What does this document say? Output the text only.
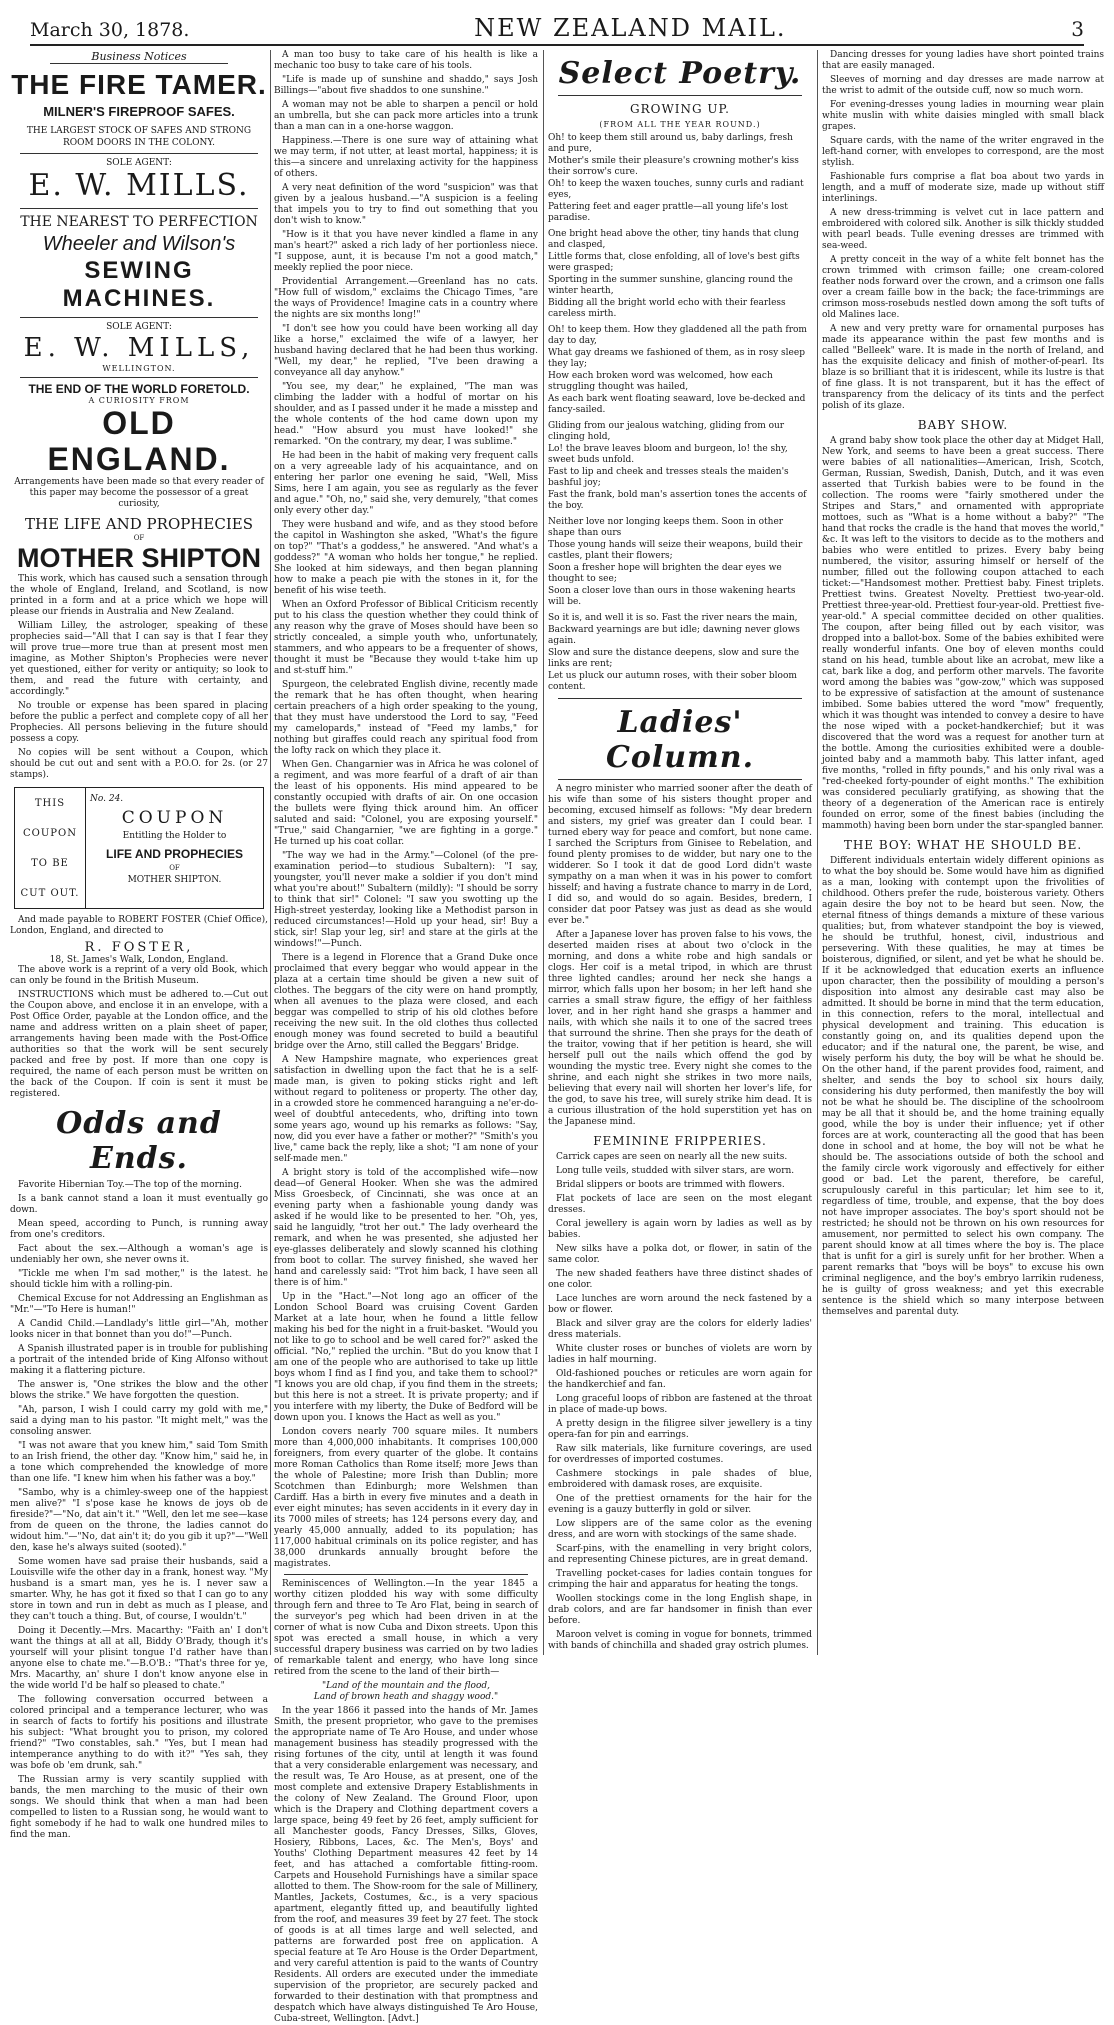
March 30, 1878.	NEW ZEALAND MAIL.	3

Business Notices

THE FIRE TAMER.

MILNER'S FIREPROOF SAFES.

THE LARGEST STOCK OF SAFES AND STRONG ROOM DOORS IN THE COLONY.

SOLE AGENT:

E. W. MILLS.

THE NEAREST TO PERFECTION

Wheeler and Wilson's

SEWING MACHINES.

SOLE AGENT:

E. W. MILLS,

WELLINGTON.

THE END OF THE WORLD FORETOLD.

A CURIOSITY FROM

OLD ENGLAND.

Arrangements have been made so that every reader of this paper may become the possessor of a great curiosity,

THE LIFE AND PROPHECIES

OF

MOTHER SHIPTON

This work, which has caused such a sensation through the whole of England, Ireland, and Scotland, is now printed in a form and at a price which we hope will please our friends in Australia and New Zealand.

William Lilley, the astrologer, speaking of these prophecies said—"All that I can say is that I fear they will prove true—more true than at present most men imagine, as Mother Shipton's Prophecies were never yet questioned, either for verity or antiquity; so look to them, and read the future with certainty, and accordingly."

No trouble or expense has been spared in placing before the public a perfect and complete copy of all her Prophecies. All persons believing in the future should possess a copy.

No copies will be sent without a Coupon, which should be cut out and sent with a P.O.O. for 2s. (or 27 stamps).

THIS
COUPON
TO BE
CUT OUT.
No. 24.
COUPON
Entitling the Holder to
LIFE AND PROPHECIES
OF
MOTHER SHIPTON.

And made payable to ROBERT FOSTER (Chief Office), London, England, and directed to

R. FOSTER,

18, St. James's Walk, London, England.

The above work is a reprint of a very old Book, which can only be found in the British Museum.

INSTRUCTIONS which must be adhered to.—Cut out the Coupon above, and enclose it in an envelope, with a Post Office Order, payable at the London office, and the name and address written on a plain sheet of paper, arrangements having been made with the Post-Office authorities so that the work will be sent securely packed and free by post. If more than one copy is required, the name of each person must be written on the back of the Coupon. If coin is sent it must be registered.

Odds and Ends.

Favorite Hibernian Toy.—The top of the morning.

Is a bank cannot stand a loan it must eventually go down.

Mean speed, according to Punch, is running away from one's creditors.

Fact about the sex.—Although a woman's age is undeniably her own, she never owns it.

"Tickle me when I'm sad mother," is the latest. he should tickle him with a rolling-pin.

Chemical Excuse for not Addressing an Englishman as "Mr."—"To Here is human!"

A Candid Child.—Landlady's little girl—"Ah, mother looks nicer in that bonnet than you do!"—Punch.

A Spanish illustrated paper is in trouble for publishing a portrait of the intended bride of King Alfonso without making it a flattering picture.

The answer is, "One strikes the blow and the other blows the strike." We have forgotten the question.

"Ah, parson, I wish I could carry my gold with me," said a dying man to his pastor. "It might melt," was the consoling answer.

"I was not aware that you knew him," said Tom Smith to an Irish friend, the other day. "Know him," said he, in a tone which comprehended the knowledge of more than one life. "I knew him when his father was a boy."

"Sambo, why is a chimley-sweep one of the happiest men alive?" "I s'pose kase he knows de joys ob de fireside?"—"No, dat ain't it." "Well, den let me see—kase from de queen on the throne, the ladies cannot do widout him."—"No, dat ain't it; do you gib it up?"—"Well den, kase he's always suited (sooted)."

Some women have sad praise their husbands, said a Louisville wife the other day in a frank, honest way. "My husband is a smart man, yes he is. I never saw a smarter. Why, he has got it fixed so that I can go to any store in town and run in debt as much as I please, and they can't touch a thing. But, of course, I wouldn't."

Doing it Decently.—Mrs. Macarthy: "Faith an' I don't want the things at all at all, Biddy O'Brady, though it's yourself will your plisint tongue I'd rather have than anyone else to chate me."—B.O'B.: "That's three for ye, Mrs. Macarthy, an' shure I don't know anyone else in the wide world I'd be half so pleased to chate."

The following conversation occurred between a colored principal and a temperance lecturer, who was in search of facts to fortify his positions and illustrate his subject: "What brought you to prison, my colored friend?" "Two constables, sah." "Yes, but I mean had intemperance anything to do with it?" "Yes sah, they was bofe ob 'em drunk, sah."

The Russian army is very scantily supplied with bands, the men marching to the music of their own songs. We should think that when a man had been compelled to listen to a Russian song, he would want to fight somebody if he had to walk one hundred miles to find the man.

A man too busy to take care of his health is like a mechanic too busy to take care of his tools.

"Life is made up of sunshine and shaddo," says Josh Billings—"about five shaddos to one sunshine."

A woman may not be able to sharpen a pencil or hold an umbrella, but she can pack more articles into a trunk than a man can in a one-horse waggon.

Happiness.—There is one sure way of attaining what we may term, if not utter, at least mortal, happiness; it is this—a sincere and unrelaxing activity for the happiness of others.

A very neat definition of the word "suspicion" was that given by a jealous husband.—"A suspicion is a feeling that impels you to try to find out something that you don't wish to know."

"How is it that you have never kindled a flame in any man's heart?" asked a rich lady of her portionless niece. "I suppose, aunt, it is because I'm not a good match," meekly replied the poor niece.

Providential Arrangement.—Greenland has no cats. "How full of wisdom," exclaims the Chicago Times, "are the ways of Providence! Imagine cats in a country where the nights are six months long!"

"I don't see how you could have been working all day like a horse," exclaimed the wife of a lawyer, her husband having declared that he had been thus working. "Well, my dear," he replied, "I've been drawing a conveyance all day anyhow."

"You see, my dear," he explained, "The man was climbing the ladder with a hodful of mortar on his shoulder, and as I passed under it he made a misstep and the whole contents of the hod came down upon my head." "How absurd you must have looked!" she remarked. "On the contrary, my dear, I was sublime."

He had been in the habit of making very frequent calls on a very agreeable lady of his acquaintance, and on entering her parlor one evening he said, "Well, Miss Sims, here I am again, you see as regularly as the fever and ague." "Oh, no," said she, very demurely, "that comes only every other day."

They were husband and wife, and as they stood before the capitol in Washington she asked, "What's the figure on top?" "That's a goddess," he answered. "And what's a goddess?" "A woman who holds her tongue," he replied. She looked at him sideways, and then began planning how to make a peach pie with the stones in it, for the benefit of his wise teeth.

When an Oxford Professor of Biblical Criticism recently put to his class the question whether they could think of any reason why the grave of Moses should have been so strictly concealed, a simple youth who, unfortunately, stammers, and who appears to be a frequenter of shows, thought it must be "Because they would t-take him up and st-stuff him."

Spurgeon, the celebrated English divine, recently made the remark that he has often thought, when hearing certain preachers of a high order speaking to the young, that they must have understood the Lord to say, "Feed my camelopards," instead of "Feed my lambs," for nothing but giraffes could reach any spiritual food from the lofty rack on which they place it.

When Gen. Changarnier was in Africa he was colonel of a regiment, and was more fearful of a draft of air than the least of his opponents. His mind appeared to be constantly occupied with drafts of air. On one occasion the bullets were flying thick around him. An officer saluted and said: "Colonel, you are exposing yourself." "True," said Changarnier, "we are fighting in a gorge." He turned up his coat collar.

"The way we had in the Army."—Colonel (of the pre-examination period—to studious Subaltern): "I say, youngster, you'll never make a soldier if you don't mind what you're about!" Subaltern (mildly): "I should be sorry to think that sir!" Colonel: "I saw you swotting up the High-street yesterday, looking like a Methodist parson in reduced circumstances!—Hold up your head, sir! Buy a stick, sir! Slap your leg, sir! and stare at the girls at the windows!"—Punch.

There is a legend in Florence that a Grand Duke once proclaimed that every beggar who would appear in the plaza at a certain time should be given a new suit of clothes. The beggars of the city were on hand promptly, when all avenues to the plaza were closed, and each beggar was compelled to strip of his old clothes before receiving the new suit. In the old clothes thus collected enough money was found secreted to build a beautiful bridge over the Arno, still called the Beggars' Bridge.

A New Hampshire magnate, who experiences great satisfaction in dwelling upon the fact that he is a self-made man, is given to poking sticks right and left without regard to politeness or property. The other day, in a crowded store he commenced haranguing a ne'er-do-weel of doubtful antecedents, who, drifting into town some years ago, wound up his remarks as follows: "Say, now, did you ever have a father or mother?" "Smith's you live," came back the reply, like a shot; "I am none of your self-made men."

A bright story is told of the accomplished wife—now dead—of General Hooker. When she was the admired Miss Groesbeck, of Cincinnati, she was once at an evening party when a fashionable young dandy was asked if he would like to be presented to her. "Oh, yes, said he languidly, "trot her out." The lady overheard the remark, and when he was presented, she adjusted her eye-glasses deliberately and slowly scanned his clothing from boot to collar. The survey finished, she waved her hand and carelessly said: "Trot him back, I have seen all there is of him."

Up in the "Hact."—Not long ago an officer of the London School Board was cruising Covent Garden Market at a late hour, when he found a little fellow making his bed for the night in a fruit-basket. "Would you not like to go to school and be well cared for?" asked the official. "No," replied the urchin. "But do you know that I am one of the people who are authorised to take up little boys whom I find as I find you, and take them to school?" "I knows you are old chap, if you find them in the streets; but this here is not a street. It is private property; and if you interfere with my liberty, the Duke of Bedford will be down upon you. I knows the Hact as well as you."

London covers nearly 700 square miles. It numbers more than 4,000,000 inhabitants. It comprises 100,000 foreigners, from every quarter of the globe. It contains more Roman Catholics than Rome itself; more Jews than the whole of Palestine; more Irish than Dublin; more Scotchmen than Edinburgh; more Welshmen than Cardiff. Has a birth in every five minutes and a death in ever eight minutes; has seven accidents in it every day in its 7000 miles of streets; has 124 persons every day, and yearly 45,000 annually, added to its population; has 117,000 habitual criminals on its police register, and has 38,000 drunkards annually brought before the magistrates.

Reminiscences of Wellington.—In the year 1845 a worthy citizen plodded his way with some difficulty through fern and three to Te Aro Flat, being in search of the surveyor's peg which had been driven in at the corner of what is now Cuba and Dixon streets. Upon this spot was erected a small house, in which a very successful drapery business was carried on by two ladies of remarkable talent and energy, who have long since retired from the scene to the land of their birth—

"Land of the mountain and the flood,

Land of brown heath and shaggy wood."

In the year 1866 it passed into the hands of Mr. James Smith, the present proprietor, who gave to the premises the appropriate name of Te Aro House, and under whose management business has steadily progressed with the rising fortunes of the city, until at length it was found that a very considerable enlargement was necessary, and the result was, Te Aro House, as at present, one of the most complete and extensive Drapery Establishments in the colony of New Zealand. The Ground Floor, upon which is the Drapery and Clothing department covers a large space, being 49 feet by 26 feet, amply sufficient for all Manchester goods, Fancy Dresses, Silks, Gloves, Hosiery, Ribbons, Laces, &c. The Men's, Boys' and Youths' Clothing Department measures 42 feet by 14 feet, and has attached a comfortable fitting-room. Carpets and Household Furnishings have a similar space allotted to them. The Show-room for the sale of Millinery, Mantles, Jackets, Costumes, &c., is a very spacious apartment, elegantly fitted up, and beautifully lighted from the roof, and measures 39 feet by 27 feet. The stock of goods is at all times large and well selected, and patterns are forwarded post free on application. A special feature at Te Aro House is the Order Department, and very careful attention is paid to the wants of Country Residents. All orders are executed under the immediate supervision of the proprietor, are securely packed and forwarded to their destination with that promptness and despatch which have always distinguished Te Aro House, Cuba-street, Wellington. [Advt.]

Select Poetry.

GROWING UP.

(FROM ALL THE YEAR ROUND.)

Oh! to keep them still around us, baby darlings, fresh and pure,

Mother's smile their pleasure's crowning mother's kiss their sorrow's cure.

Oh! to keep the waxen touches, sunny curls and radiant eyes,

Pattering feet and eager prattle—all young life's lost paradise.

One bright head above the other, tiny hands that clung and clasped,

Little forms that, close enfolding, all of love's best gifts were grasped;

Sporting in the summer sunshine, glancing round the winter hearth,

Bidding all the bright world echo with their fearless careless mirth.

Oh! to keep them. How they gladdened all the path from day to day,

What gay dreams we fashioned of them, as in rosy sleep they lay;

How each broken word was welcomed, how each struggling thought was hailed,

As each bark went floating seaward, love be-decked and fancy-sailed.

Gliding from our jealous watching, gliding from our clinging hold,

Lo! the brave leaves bloom and burgeon, lo! the shy, sweet buds unfold.

Fast to lip and cheek and tresses steals the maiden's bashful joy;

Fast the frank, bold man's assertion tones the accents of the boy.

Neither love nor longing keeps them. Soon in other shape than ours

Those young hands will seize their weapons, build their castles, plant their flowers;

Soon a fresher hope will brighten the dear eyes we thought to see;

Soon a closer love than ours in those wakening hearts will be.

So it is, and well it is so. Fast the river nears the main,

Backward yearnings are but idle; dawning never glows again.

Slow and sure the distance deepens, slow and sure the links are rent;

Let us pluck our autumn roses, with their sober bloom content.

Ladies' Column.

A negro minister who married sooner after the death of his wife than some of his sisters thought proper and becoming, excused himself as follows: "My dear bredern and sisters, my grief was greater dan I could bear. I turned ebery way for peace and comfort, but none came. I sarched the Scripturs from Ginisee to Rebelation, and found plenty promises to de widder, but nary one to the widderer. So I took it dat de good Lord didn't waste sympathy on a man when it was in his power to comfort hisself; and having a fustrate chance to marry in de Lord, I did so, and would do so again. Besides, bredern, I consider dat poor Patsey was just as dead as she would ever be."

After a Japanese lover has proven false to his vows, the deserted maiden rises at about two o'clock in the morning, and dons a white robe and high sandals or clogs. Her coif is a metal tripod, in which are thrust three lighted candles; around her neck she hangs a mirror, which falls upon her bosom; in her left hand she carries a small straw figure, the effigy of her faithless lover, and in her right hand she grasps a hammer and nails, with which she nails it to one of the sacred trees that surround the shrine. Then she prays for the death of the traitor, vowing that if her petition is heard, she will herself pull out the nails which offend the god by wounding the mystic tree. Every night she comes to the shrine, and each night she strikes in two more nails, believing that every nail will shorten her lover's life, for the god, to save his tree, will surely strike him dead. It is a curious illustration of the hold superstition yet has on the Japanese mind.

FEMININE FRIPPERIES.

Carrick capes are seen on nearly all the new suits.

Long tulle veils, studded with silver stars, are worn.

Bridal slippers or boots are trimmed with flowers.

Flat pockets of lace are seen on the most elegant dresses.

Coral jewellery is again worn by ladies as well as by babies.

New silks have a polka dot, or flower, in satin of the same color.

The new shaded feathers have three distinct shades of one color.

Lace lunches are worn around the neck fastened by a bow or flower.

Black and silver gray are the colors for elderly ladies' dress materials.

White cluster roses or bunches of violets are worn by ladies in half mourning.

Old-fashioned pouches or reticules are worn again for the handkerchief and fan.

Long graceful loops of ribbon are fastened at the throat in place of made-up bows.

A pretty design in the filigree silver jewellery is a tiny opera-fan for pin and earrings.

Raw silk materials, like furniture coverings, are used for overdresses of imported costumes.

Cashmere stockings in pale shades of blue, embroidered with damask roses, are exquisite.

One of the prettiest ornaments for the hair for the evening is a gauzy butterfly in gold or silver.

Low slippers are of the same color as the evening dress, and are worn with stockings of the same shade.

Scarf-pins, with the enamelling in very bright colors, and representing Chinese pictures, are in great demand.

Travelling pocket-cases for ladies contain tongues for crimping the hair and apparatus for heating the tongs.

Woollen stockings come in the long English shape, in drab colors, and are far handsomer in finish than ever before.

Maroon velvet is coming in vogue for bonnets, trimmed with bands of chinchilla and shaded gray ostrich plumes.

Dancing dresses for young ladies have short pointed trains that are easily managed.

Sleeves of morning and day dresses are made narrow at the wrist to admit of the outside cuff, now so much worn.

For evening-dresses young ladies in mourning wear plain white muslin with white daisies mingled with small black grapes.

Square cards, with the name of the writer engraved in the left-hand corner, with envelopes to correspond, are the most stylish.

Fashionable furs comprise a flat boa about two yards in length, and a muff of moderate size, made up without stiff interlinings.

A new dress-trimming is velvet cut in lace pattern and embroidered with colored silk. Another is silk thickly studded with pearl beads. Tulle evening dresses are trimmed with sea-weed.

A pretty conceit in the way of a white felt bonnet has the crown trimmed with crimson faille; one cream-colored feather nods forward over the crown, and a crimson one falls over a cream faille bow in the back; the face-trimmings are crimson moss-rosebuds nestled down among the soft tufts of old Malines lace.

A new and very pretty ware for ornamental purposes has made its appearance within the past few months and is called "Belleek" ware. It is made in the north of Ireland, and has the exquisite delicacy and finish of mother-of-pearl. Its blaze is so brilliant that it is iridescent, while its lustre is that of fine glass. It is not transparent, but it has the effect of transparency from the delicacy of its tints and the perfect polish of its glaze.

BABY SHOW.

A grand baby show took place the other day at Midget Hall, New York, and seems to have been a great success. There were babies of all nationalities—American, Irish, Scotch, German, Russian, Swedish, Danish, Dutch, and it was even asserted that Turkish babies were to be found in the collection. The rooms were "fairly smothered under the Stripes and Stars," and ornamented with appropriate mottoes, such as "What is a home without a baby?" "The hand that rocks the cradle is the hand that moves the world," &c. It was left to the visitors to decide as to the mothers and babies who were entitled to prizes. Every baby being numbered, the visitor, assuring himself or herself of the number, filled out the following coupon attached to each ticket:—"Handsomest mother. Prettiest baby. Finest triplets. Prettiest twins. Greatest Novelty. Prettiest two-year-old. Prettiest three-year-old. Prettiest four-year-old. Prettiest five-year-old." A special committee decided on other qualities. The coupon, after being filled out by each visitor, was dropped into a ballot-box. Some of the babies exhibited were really wonderful infants. One boy of eleven months could stand on his head, tumble about like an acrobat, mew like a cat, bark like a dog, and perform other marvels. The favorite word among the babies was "gow-zow," which was supposed to be expressive of satisfaction at the amount of sustenance imbibed. Some babies uttered the word "mow" frequently, which it was thought was intended to convey a desire to have the nose wiped with a pocket-handkerchief; but it was discovered that the word was a request for another turn at the bottle. Among the curiosities exhibited were a double-jointed baby and a mammoth baby. This latter infant, aged five months, "rolled in fifty pounds," and his only rival was a "red-cheeked forty-pounder of eight months." The exhibition was considered peculiarly gratifying, as showing that the theory of a degeneration of the American race is entirely founded on error, some of the finest babies (including the mammoth) having been born under the star-spangled banner.

THE BOY: WHAT HE SHOULD BE.

Different individuals entertain widely different opinions as to what the boy should be. Some would have him as dignified as a man, looking with contempt upon the frivolities of childhood. Others prefer the rude, boisterous variety. Others again desire the boy not to be heard but seen. Now, the eternal fitness of things demands a mixture of these various qualities; but, from whatever standpoint the boy is viewed, he should be truthful, honest, civil, industrious and persevering. With these qualities, he may at times be boisterous, dignified, or silent, and yet be what he should be. If it be acknowledged that education exerts an influence upon character, then the possibility of moulding a person's disposition into almost any desirable cast may also be admitted. It should be borne in mind that the term education, in this connection, refers to the moral, intellectual and physical development and training. This education is constantly going on, and its qualities depend upon the educator; and if the natural one, the parent, be wise, and wisely perform his duty, the boy will be what he should be. On the other hand, if the parent provides food, raiment, and shelter, and sends the boy to school six hours daily, considering his duty performed, then manifestly the boy will not be what he should be. The discipline of the schoolroom may be all that it should be, and the home training equally good, while the boy is under their influence; yet if other forces are at work, counteracting all the good that has been done in school and at home, the boy will not be what he should be. The associations outside of both the school and the family circle work vigorously and effectively for either good or bad. Let the parent, therefore, be careful, scrupulously careful in this particular; let him see to it, regardless of time, trouble, and expense, that the boy does not have improper associates. The boy's sport should not be restricted; he should not be thrown on his own resources for amusement, nor permitted to select his own company. The parent should know at all times where the boy is. The place that is unfit for a girl is surely unfit for her brother. When a parent remarks that "boys will be boys" to excuse his own criminal negligence, and the boy's embryo larrikin rudeness, he is guilty of gross weakness; and yet this execrable sentence is the shield which so many interpose between themselves and parental duty.
